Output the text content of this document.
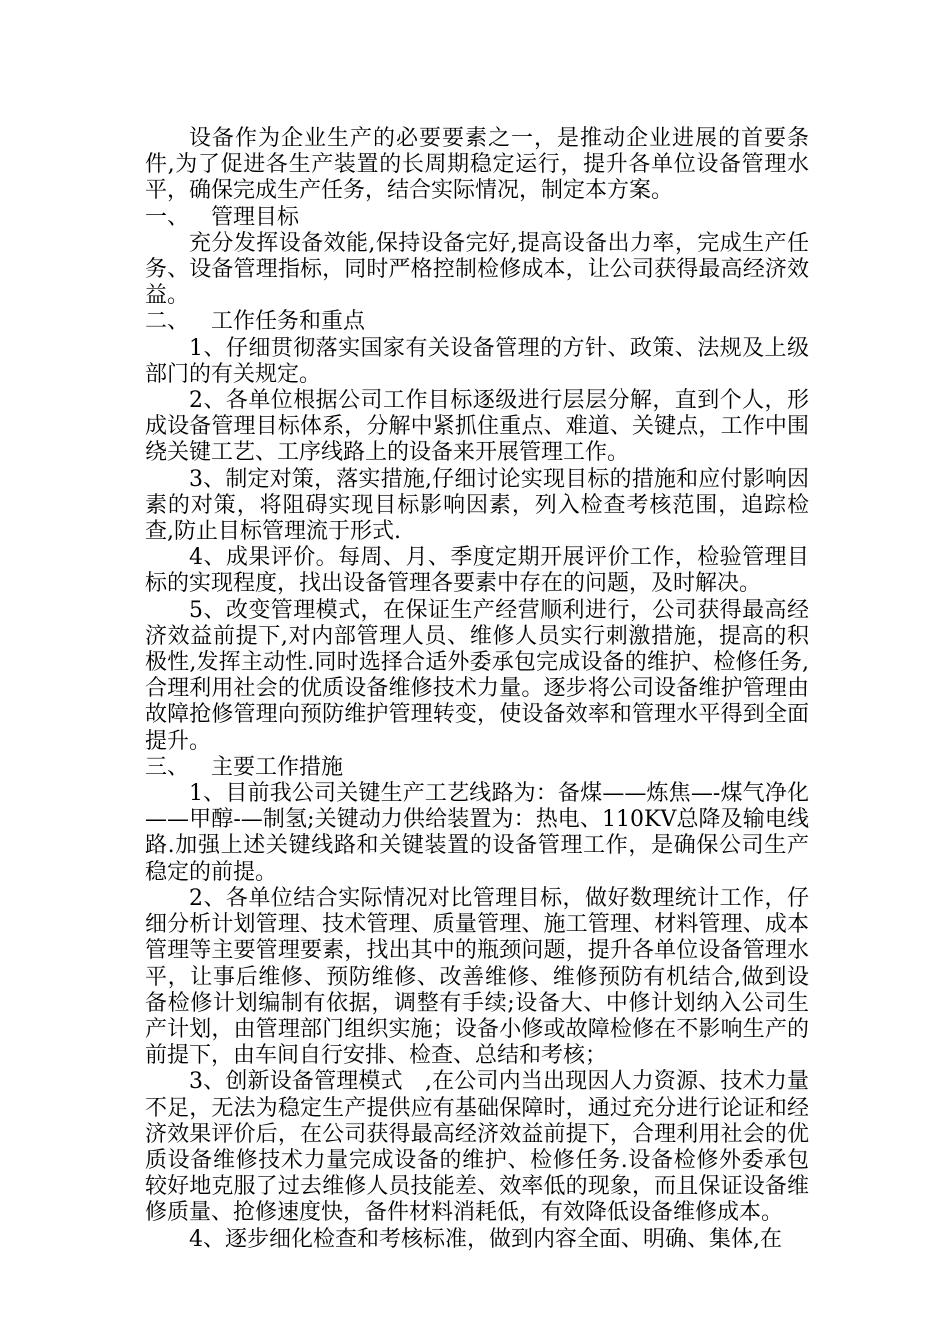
设备作为企业生产的必要要素之一，是推动企业进展的首要条件,为了促进各生产装置的长周期稳定运行，提升各单位设备管理水平，确保完成生产任务，结合实际情况，制定本方案。

一、 管理目标

充分发挥设备效能,保持设备完好,提高设备出力率，完成生产任务、设备管理指标，同时严格控制检修成本，让公司获得最高经济效益。

二、 工作任务和重点

1、仔细贯彻落实国家有关设备管理的方针、政策、法规及上级部门的有关规定。

2、各单位根据公司工作目标逐级进行层层分解，直到个人，形成设备管理目标体系，分解中紧抓住重点、难道、关键点，工作中围绕关键工艺、工序线路上的设备来开展管理工作。

3、制定对策，落实措施,仔细讨论实现目标的措施和应付影响因素的对策，将阻碍实现目标影响因素，列入检查考核范围，追踪检查,防止目标管理流于形式.

4、成果评价。每周、月、季度定期开展评价工作，检验管理目标的实现程度，找出设备管理各要素中存在的问题，及时解决。

5、改变管理模式，在保证生产经营顺利进行，公司获得最高经济效益前提下,对内部管理人员、维修人员实行刺激措施，提高的积极性,发挥主动性.同时选择合适外委承包完成设备的维护、检修任务,合理利用社会的优质设备维修技术力量。逐步将公司设备维护管理由故障抢修管理向预防维护管理转变，使设备效率和管理水平得到全面提升。

三、 主要工作措施

1、目前我公司关键生产工艺线路为：备煤——炼焦—-煤气净化——甲醇-—制氢;关键动力供给装置为：热电、110KV总降及输电线路.加强上述关键线路和关键装置的设备管理工作，是确保公司生产稳定的前提。

2、各单位结合实际情况对比管理目标，做好数理统计工作，仔细分析计划管理、技术管理、质量管理、施工管理、材料管理、成本管理等主要管理要素，找出其中的瓶颈问题，提升各单位设备管理水平，让事后维修、预防维修、改善维修、维修预防有机结合,做到设备检修计划编制有依据，调整有手续;设备大、中修计划纳入公司生产计划，由管理部门组织实施；设备小修或故障检修在不影响生产的前提下，由车间自行安排、检查、总结和考核；

3、创新设备管理模式　,在公司内当出现因人力资源、技术力量不足，无法为稳定生产提供应有基础保障时，通过充分进行论证和经济效果评价后，在公司获得最高经济效益前提下，合理利用社会的优质设备维修技术力量完成设备的维护、检修任务.设备检修外委承包较好地克服了过去维修人员技能差、效率低的现象，而且保证设备维修质量、抢修速度快，备件材料消耗低，有效降低设备维修成本。

4、逐步细化检查和考核标准，做到内容全面、明确、集体,在
